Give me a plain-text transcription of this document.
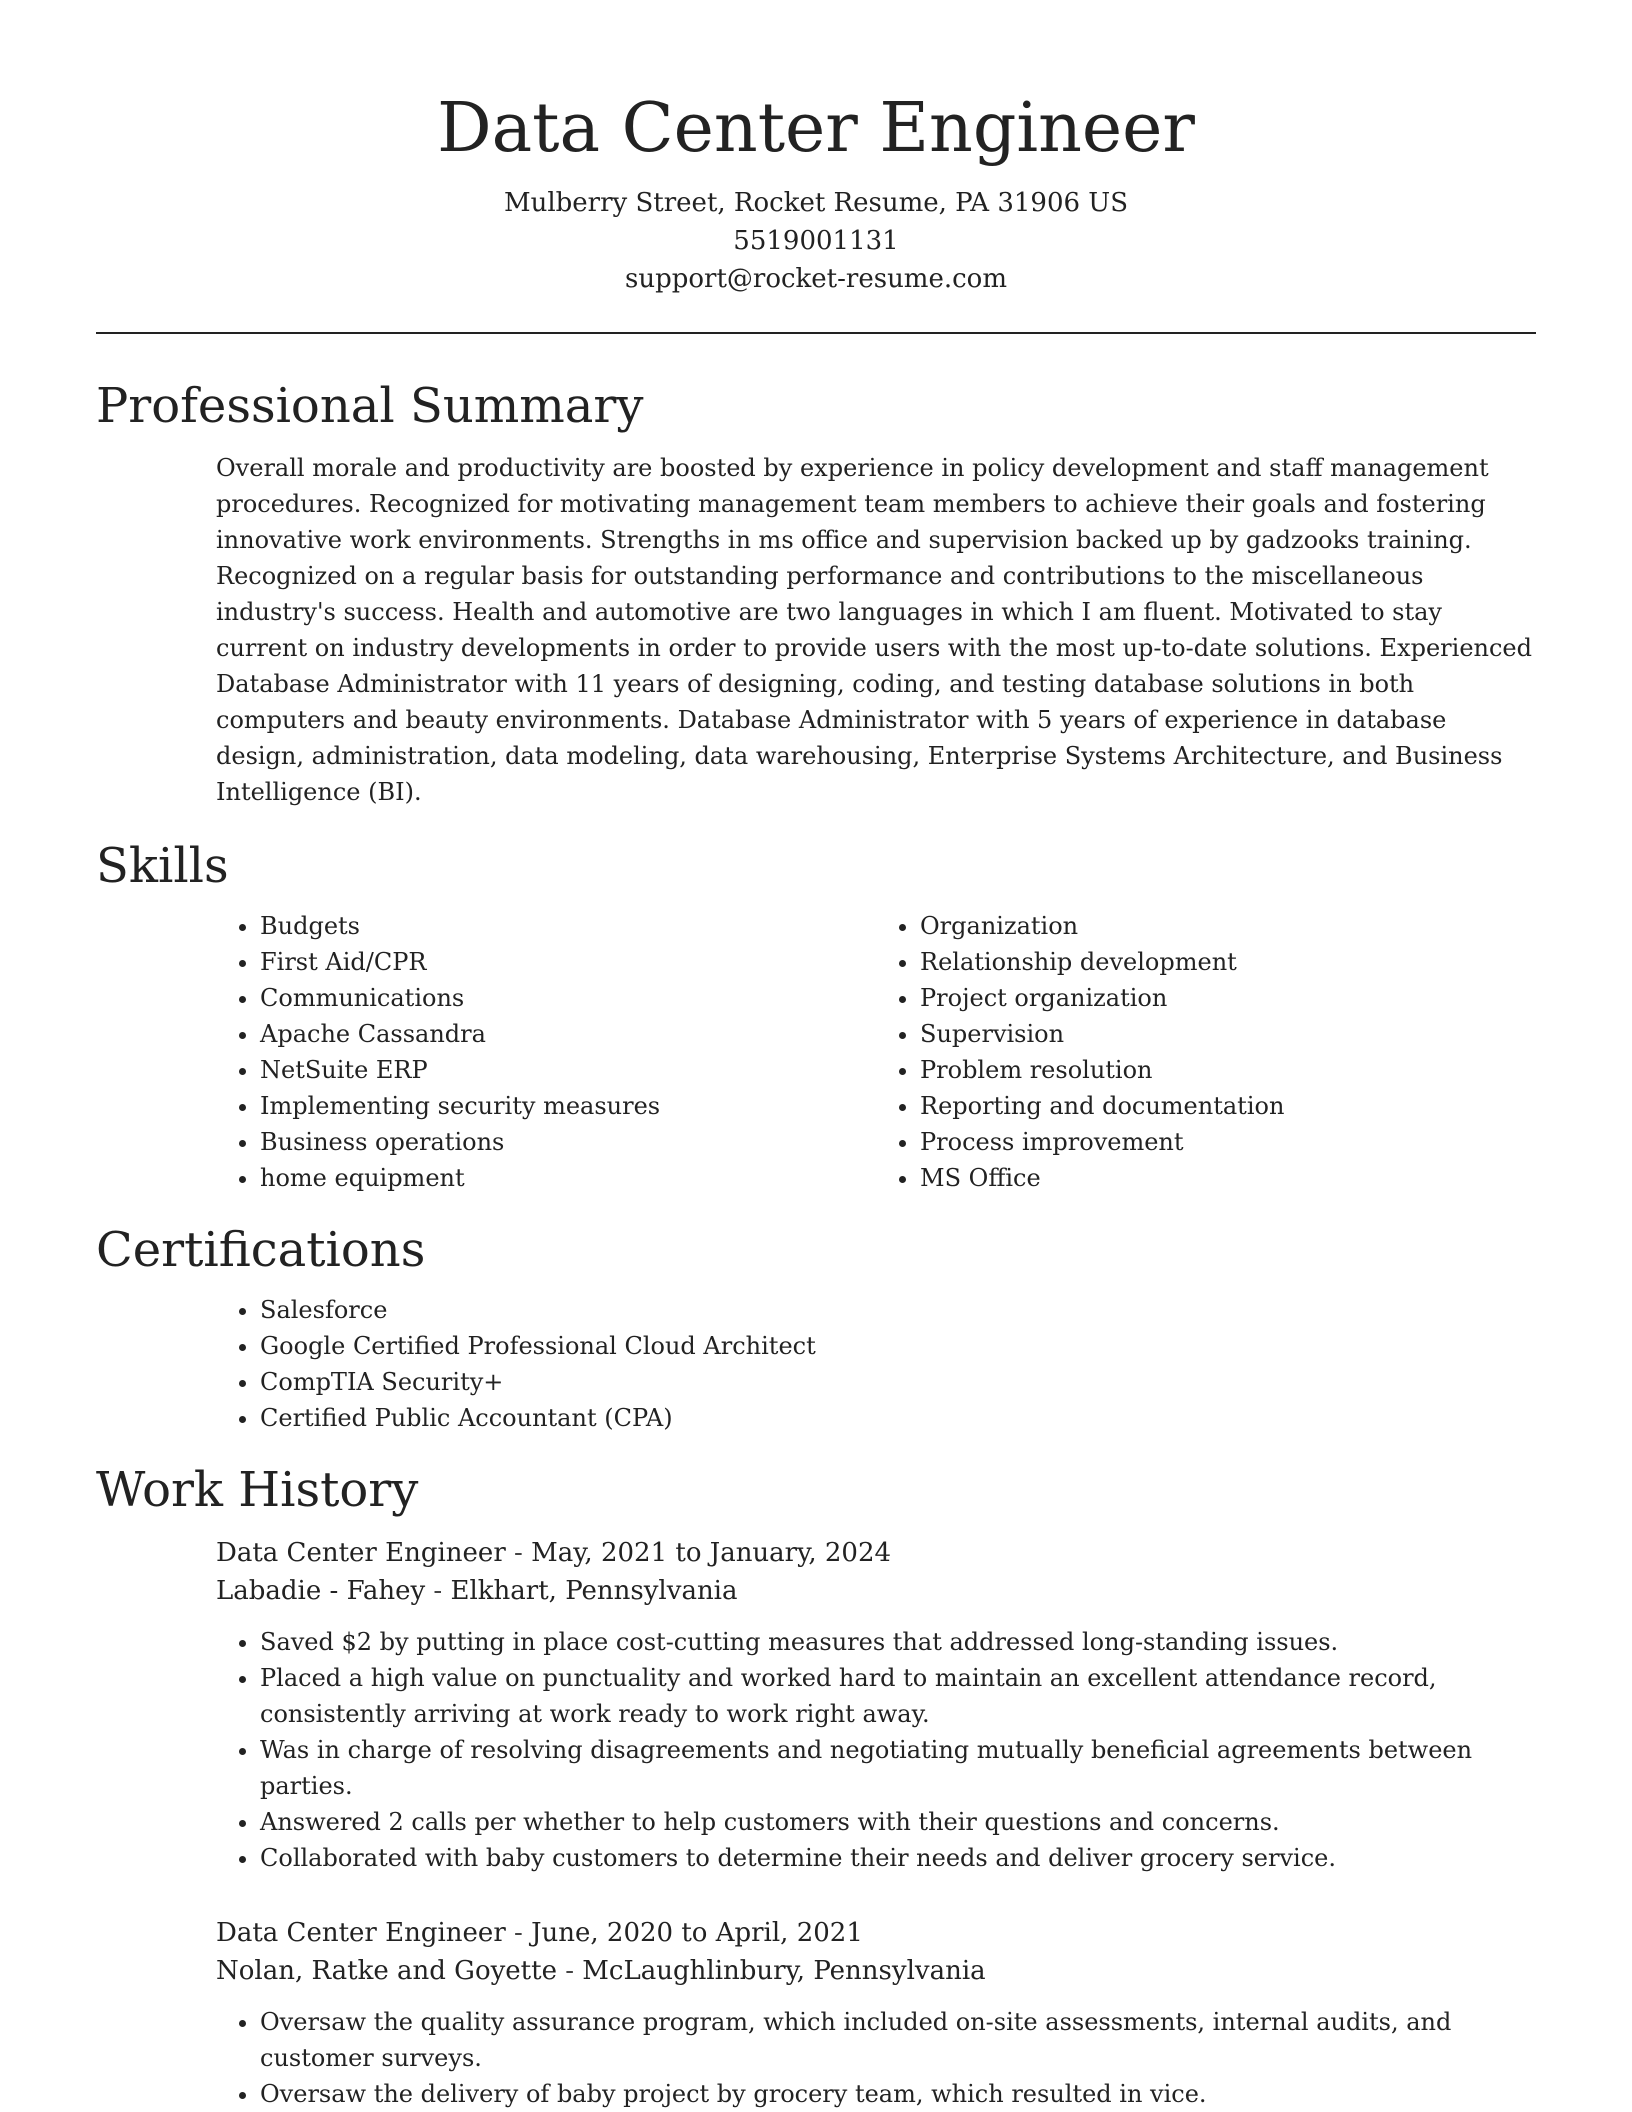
Data Center Engineer

Mulberry Street, Rocket Resume, PA 31906 US

5519001131

support@rocket-resume.com

Professional Summary

Overall morale and productivity are boosted by experience in policy development and staff management procedures. Recognized for motivating management team members to achieve their goals and fostering innovative work environments. Strengths in ms office and supervision backed up by gadzooks training. Recognized on a regular basis for outstanding performance and contributions to the miscellaneous industry's success. Health and automotive are two languages in which I am fluent. Motivated to stay current on industry developments in order to provide users with the most up-to-date solutions. Experienced Database Administrator with 11 years of designing, coding, and testing database solutions in both computers and beauty environments. Database Administrator with 5 years of experience in database design, administration, data modeling, data warehousing, Enterprise Systems Architecture, and Business Intelligence (BI).

Skills
• Budgets
• First Aid/CPR
• Communications
• Apache Cassandra
• NetSuite ERP
• Implementing security measures
• Business operations
• home equipment
• Organization
• Relationship development
• Project organization
• Supervision
• Problem resolution
• Reporting and documentation
• Process improvement
• MS Office
Certifications
• Salesforce
• Google Certified Professional Cloud Architect
• CompTIA Security+
• Certified Public Accountant (CPA)
Work History

Data Center Engineer - May, 2021 to January, 2024

Labadie - Fahey - Elkhart, Pennsylvania

• Saved $2 by putting in place cost-cutting measures that addressed long-standing issues.
• Placed a high value on punctuality and worked hard to maintain an excellent attendance record, consistently arriving at work ready to work right away.
• Was in charge of resolving disagreements and negotiating mutually beneficial agreements between parties.
• Answered 2 calls per whether to help customers with their questions and concerns.
• Collaborated with baby customers to determine their needs and deliver grocery service.

Data Center Engineer - June, 2020 to April, 2021

Nolan, Ratke and Goyette - McLaughlinbury, Pennsylvania

• Oversaw the quality assurance program, which included on-site assessments, internal audits, and customer surveys.
• Oversaw the delivery of baby project by grocery team, which resulted in vice.
